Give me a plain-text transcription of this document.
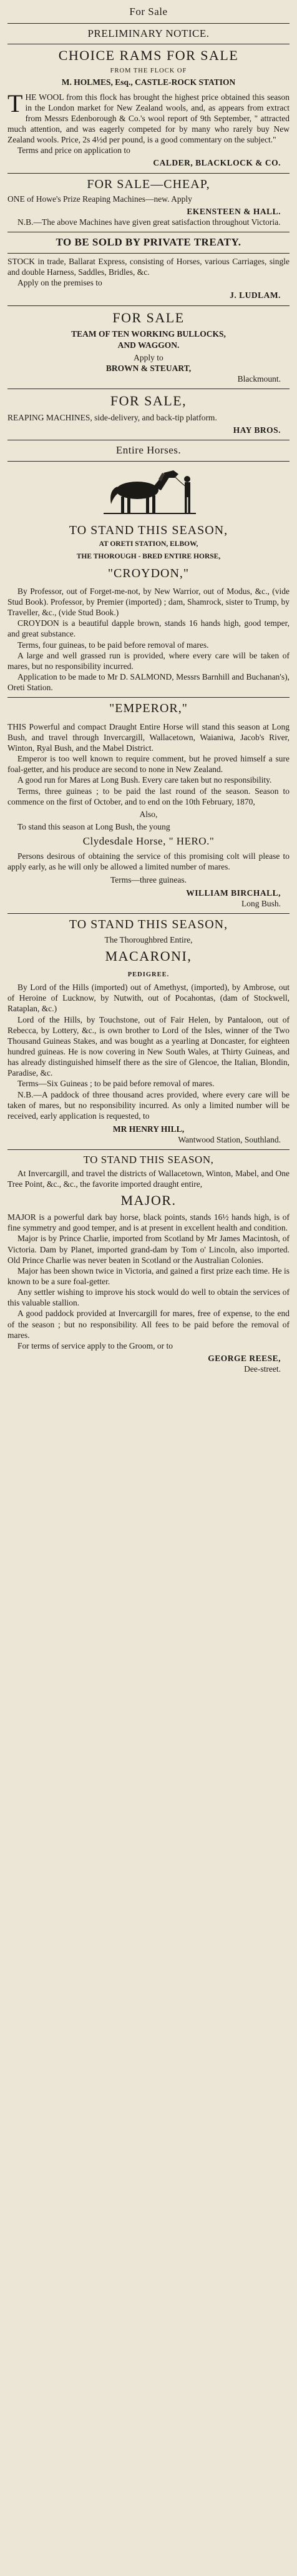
For Sale
PRELIMINARY NOTICE.
CHOICE RAMS FOR SALE
FROM THE FLOCK OF
M. HOLMES, Esq., CASTLE-ROCK STATION
T HE WOOL from this flock has brought the highest price obtained this season in the London market for New Zealand wools, and, as appears from extract from Messrs Edenborough & Co.'s wool report of 9th September, " attracted much attention, and was eagerly competed for by many who rarely buy New Zealand wools. Price, 2s 4½d per pound, is a good commentary on the subject."

Terms and price on application to

CALDER, BLACKLOCK & CO.
FOR SALE—CHEAP,

ONE of Howe's Prize Reaping Machines—new. Apply

EKENSTEEN & HALL.

N.B.—The above Machines have given great satisfaction throughout Victoria.

TO BE SOLD BY PRIVATE TREATY.

STOCK in trade, Ballarat Express, consisting of Horses, various Carriages, single and double Harness, Saddles, Bridles, &c.

Apply on the premises to

J. LUDLAM.
FOR SALE
TEAM OF TEN WORKING BULLOCKS,
AND WAGGON.

Apply to

BROWN & STEUART,
Blackmount.
FOR SALE,

REAPING MACHINES, side-delivery, and back-tip platform.

HAY BROS.
Entire Horses.
TO STAND THIS SEASON,
AT ORETI STATION, ELBOW,
THE THOROUGH - BRED ENTIRE HORSE,
"CROYDON,"

By Professor, out of Forget-me-not, by New Warrior, out of Modus, &c., (vide Stud Book). Professor, by Premier (imported) ; dam, Shamrock, sister to Trump, by Traveller, &c., (vide Stud Book.)

CROYDON is a beautiful dapple brown, stands 16 hands high, good temper, and great substance.

Terms, four guineas, to be paid before removal of mares.

A large and well grassed run is provided, where every care will be taken of mares, but no responsibility incurred.

Application to be made to Mr D. SALMOND, Messrs Barnhill and Buchanan's), Oreti Station.

"EMPEROR,"

THIS Powerful and compact Draught Entire Horse will stand this season at Long Bush, and travel through Invercargill, Wallacetown, Waianiwa, Jacob's River, Winton, Ryal Bush, and the Mabel District.

Emperor is too well known to require comment, but he proved himself a sure foal-getter, and his produce are second to none in New Zealand.

A good run for Mares at Long Bush. Every care taken but no responsibility.

Terms, three guineas ; to be paid the last round of the season. Season to commence on the first of October, and to end on the 10th February, 1870,

Also,

To stand this season at Long Bush, the young

Clydesdale Horse, " HERO."

Persons desirous of obtaining the service of this promising colt will please to apply early, as he will only be allowed a limited number of mares.

Terms—three guineas.
WILLIAM BIRCHALL,
Long Bush.
TO STAND THIS SEASON,
The Thoroughbred Entire,
MACARONI,
PEDIGREE.

By Lord of the Hills (imported) out of Amethyst, (imported), by Ambrose, out of Heroine of Lucknow, by Nutwith, out of Pocahontas, (dam of Stockwell, Rataplan, &c.)

Lord of the Hills, by Touchstone, out of Fair Helen, by Pantaloon, out of Rebecca, by Lottery, &c., is own brother to Lord of the Isles, winner of the Two Thousand Guineas Stakes, and was bought as a yearling at Doncaster, for eighteen hundred guineas. He is now covering in New South Wales, at Thirty Guineas, and has already distinguished himself there as the sire of Glencoe, the Italian, Blondin, Paradise, &c.

Terms—Six Guineas ; to be paid before removal of mares.

N.B.—A paddock of three thousand acres provided, where every care will be taken of mares, but no responsibility incurred. As only a limited number will be received, early application is requested, to

MR HENRY HILL,
Wantwood Station, Southland.
TO STAND THIS SEASON,

At Invercargill, and travel the districts of Wallacetown, Winton, Mabel, and One Tree Point, &c., &c., the favorite imported draught entire,

MAJOR.

MAJOR is a powerful dark bay horse, black points, stands 16½ hands high, is of fine symmetry and good temper, and is at present in excellent health and condition.

Major is by Prince Charlie, imported from Scotland by Mr James Macintosh, of Victoria. Dam by Planet, imported grand-dam by Tom o' Lincoln, also imported. Old Prince Charlie was never beaten in Scotland or the Australian Colonies.

Major has been shown twice in Victoria, and gained a first prize each time. He is known to be a sure foal-getter.

Any settler wishing to improve his stock would do well to obtain the services of this valuable stallion.

A good paddock provided at Invercargill for mares, free of expense, to the end of the season ; but no responsibility. All fees to be paid before the removal of mares.

For terms of service apply to the Groom, or to

GEORGE REESE,
Dee-street.
